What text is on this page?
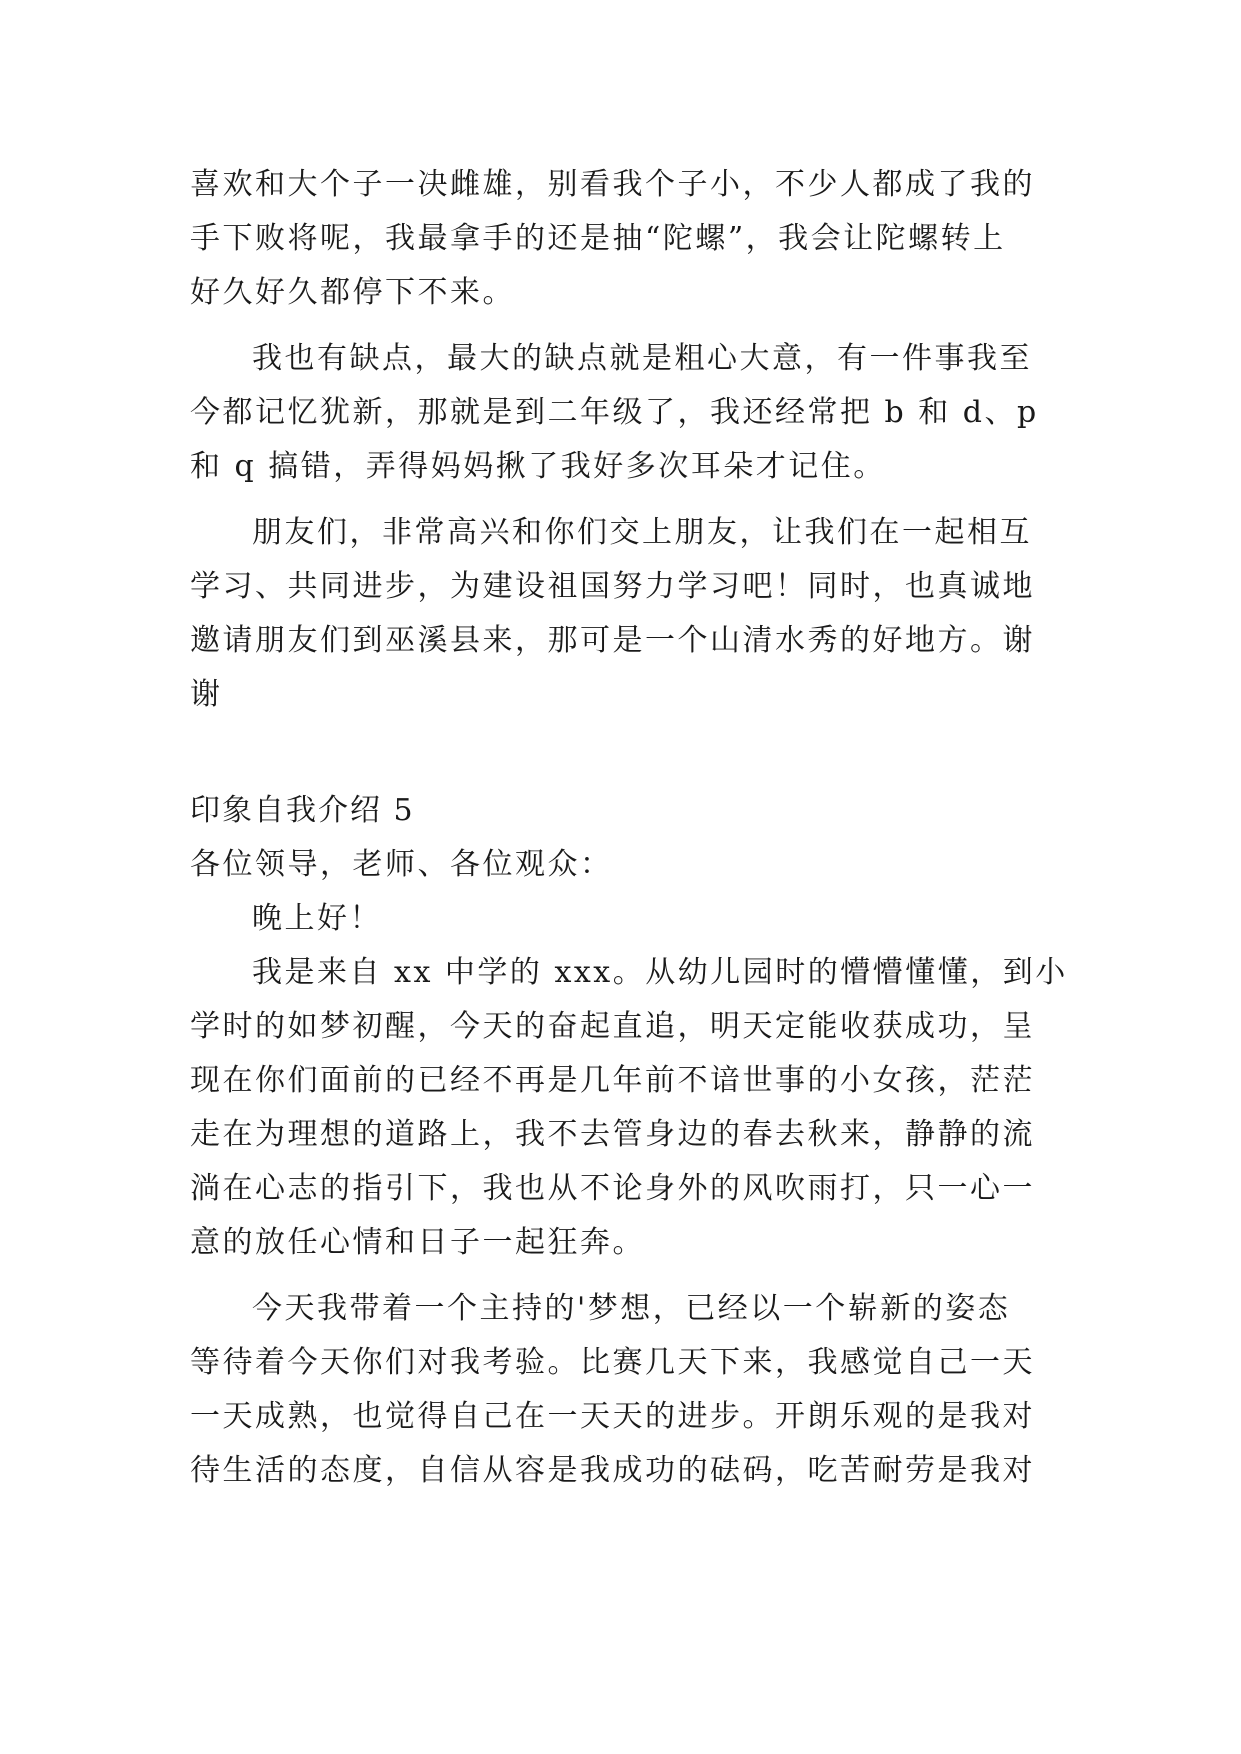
喜欢和大个子一决雌雄，别看我个子小，不少人都成了我的
手下败将呢，我最拿手的还是抽“陀螺”，我会让陀螺转上
好久好久都停下不来。
我也有缺点，最大的缺点就是粗心大意，有一件事我至
今都记忆犹新，那就是到二年级了，我还经常把 b 和 d、p
和 q 搞错，弄得妈妈揪了我好多次耳朵才记住。
朋友们，非常高兴和你们交上朋友，让我们在一起相互
学习、共同进步，为建设祖国努力学习吧！同时，也真诚地
邀请朋友们到巫溪县来，那可是一个山清水秀的好地方。谢
谢
印象自我介绍 5
各位领导，老师、各位观众：
晚上好！
我是来自 xx 中学的 xxx。从幼儿园时的懵懵懂懂，到小
学时的如梦初醒，今天的奋起直追，明天定能收获成功，呈
现在你们面前的已经不再是几年前不谙世事的小女孩，茫茫
走在为理想的道路上，我不去管身边的春去秋来，静静的流
淌在心志的指引下，我也从不论身外的风吹雨打，只一心一
意的放任心情和日子一起狂奔。
今天我带着一个主持的'梦想，已经以一个崭新的姿态
等待着今天你们对我考验。比赛几天下来，我感觉自己一天
一天成熟，也觉得自己在一天天的进步。开朗乐观的是我对
待生活的态度，自信从容是我成功的砝码，吃苦耐劳是我对
